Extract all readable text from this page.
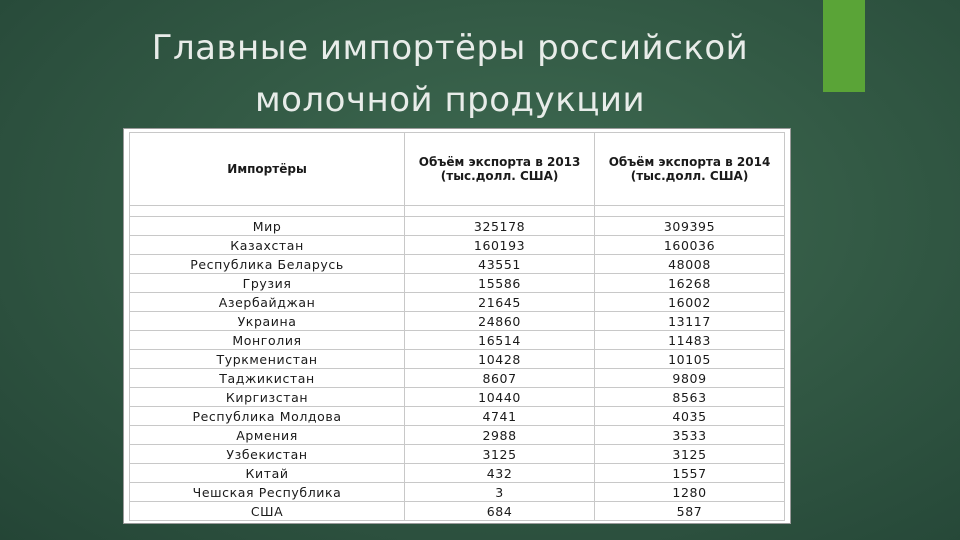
Главные импортёры российской
молочной продукции
Импортёры	Объём экспорта в 2013 (тыс.долл. США)	Объём экспорта в 2014 (тыс.долл. США)

Мир	325178	309395
Казахстан	160193	160036
Республика Беларусь	43551	48008
Грузия	15586	16268
Азербайджан	21645	16002
Украина	24860	13117
Монголия	16514	11483
Туркменистан	10428	10105
Таджикистан	8607	9809
Киргизстан	10440	8563
Республика Молдова	4741	4035
Армения	2988	3533
Узбекистан	3125	3125
Китай	432	1557
Чешская Республика	3	1280
США	684	587
